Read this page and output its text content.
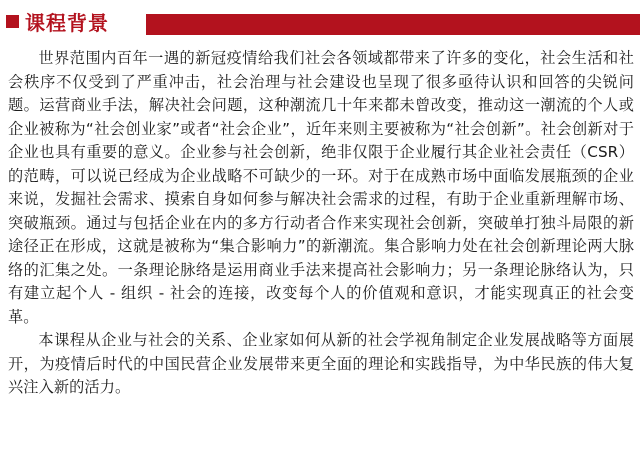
课程背景

世界范围内百年一遇的新冠疫情给我们社会各领域都带来了许多的变化，社会生活和社会秩序不仅受到了严重冲击，社会治理与社会建设也呈现了很多亟待认识和回答的尖锐问题。运营商业手法，解决社会问题，这种潮流几十年来都未曾改变，推动这一潮流的个人或企业被称为“社会创业家”或者“社会企业”，近年来则主要被称为“社会创新”。社会创新对于企业也具有重要的意义。企业参与社会创新，绝非仅限于企业履行其企业社会责任（CSR）的范畴，可以说已经成为企业战略不可缺少的一环。对于在成熟市场中面临发展瓶颈的企业来说，发掘社会需求、摸索自身如何参与解决社会需求的过程，有助于企业重新理解市场、突破瓶颈。通过与包括企业在内的多方行动者合作来实现社会创新，突破单打独斗局限的新途径正在形成，这就是被称为“集合影响力”的新潮流。集合影响力处在社会创新理论两大脉络的汇集之处。一条理论脉络是运用商业手法来提高社会影响力；另一条理论脉络认为，只有建立起个人 - 组织 - 社会的连接，改变每个人的价值观和意识，才能实现真正的社会变革。

本课程从企业与社会的关系、企业家如何从新的社会学视角制定企业发展战略等方面展开，为疫情后时代的中国民营企业发展带来更全面的理论和实践指导，为中华民族的伟大复兴注入新的活力。
